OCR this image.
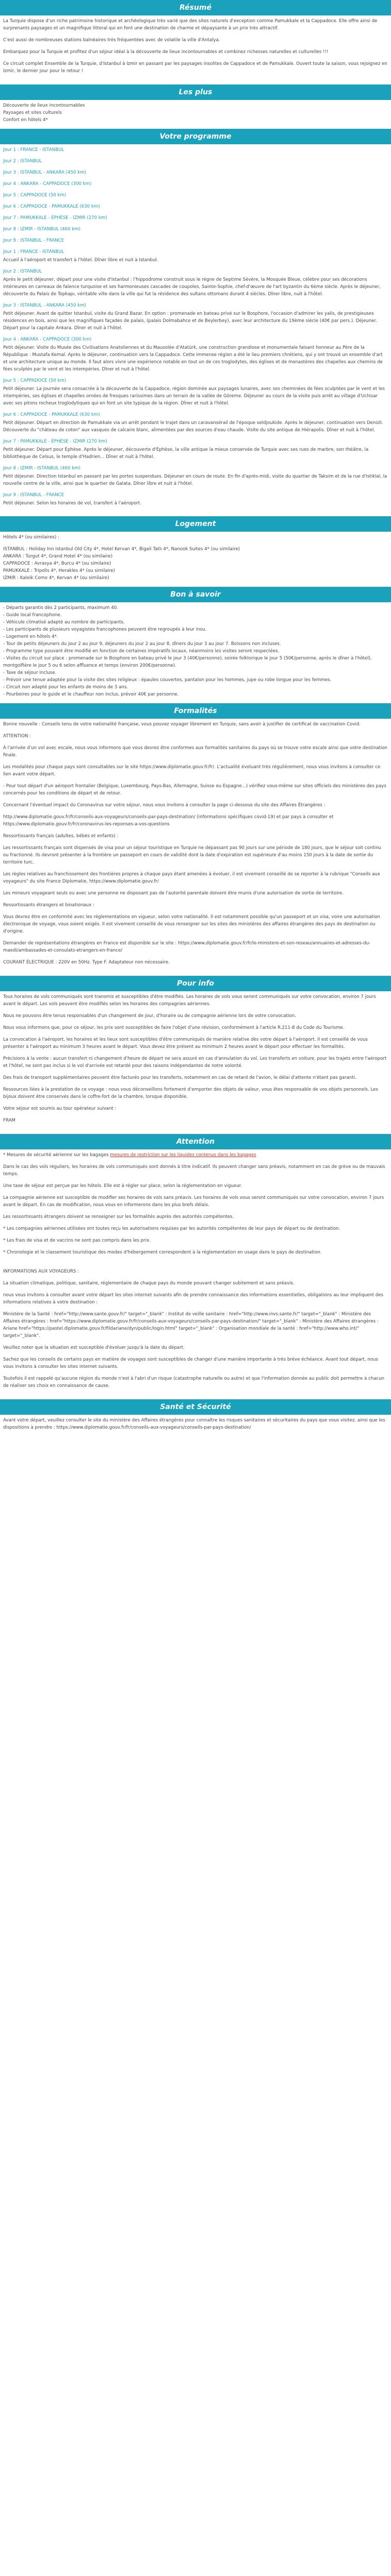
Résumé

La Turquie dispose d'un riche patrimoine historique et archéologique très varié que des sites naturels d'exception comme Pamukkale et la Cappadoce. Elle offre ainsi de surprenants paysages et un magnifique littoral qui en font une destination de charme et dépaysante à un prix très attractif.

C'est aussi de nombreuses stations balnéaires très fréquentées avec de volatile la ville d'Antalya.

Embarquez pour la Turquie et profitez d'un séjour idéal à la découverte de lieux incontournables et combinez richesses naturelles et culturelles !!!

Ce circuit complet Ensemble de la Turquie, d'Istanbul à Izmir en passant par les paysages insolites de Cappadoce et de Pamukkale. Ouvert toute la saison, vous rejoignez en Izmir, le dernier jour pour le retour !

Les plus
Découverte de lieux incontournables
Paysages et sites culturels
Confort en hôtels 4*
Votre programme
Jour 1 : FRANCE - ISTANBUL
Jour 2 : ISTANBUL
Jour 3 : ISTANBUL - ANKARA (450 km)
Jour 4 : ANKARA - CAPPADOCE (300 km)
Jour 5 : CAPPADOCE (50 km)
Jour 6 : CAPPADOCE - PAMUKKALE (630 km)
Jour 7 : PAMUKKALE - ÉPHÈSE - IZMIR (270 km)
Jour 8 : IZMIR - ISTANBUL (460 km)
Jour 9 : ISTANBUL - FRANCE
Jour 1 : FRANCE - ISTANBUL
Accueil à l'aéroport et transfert à l'hôtel. Dîner libre et nuit à Istanbul.
Jour 2 : ISTANBUL
Après le petit déjeuner, départ pour une visite d'Istanbul : l'hippodrome construit sous le règne de Septime Sévère, la Mosquée Bleue, célèbre pour ses décorations intérieures en carreaux de faïence turquoise et ses harmonieuses cascades de coupoles, Sainte-Sophie, chef-d'œuvre de l'art byzantin du 6ème siècle. Après le déjeuner, découverte du Palais de Topkapı, véritable ville dans la ville qui fut la résidence des sultans ottomans durant 4 siècles. Dîner libre, nuit à l'hôtel.
Jour 3 : ISTANBUL - ANKARA (450 km)
Petit déjeuner. Avant de quitter Istanbul, visite du Grand Bazar. En option : promenade en bateau privé sur le Bosphore, l'occasion d'admirer les yalis, de prestigieuses résidences en bois, ainsi que les magnifiques façades de palais, (palais Dolmabahce et de Beylerbey), avec leur architecture du 19ème siècle (40€ par pers.). Déjeuner. Départ pour la capitale Ankara. Dîner et nuit à l'hôtel.
Jour 4 : ANKARA - CAPPADOCE (300 km)
Petit déjeuner. Visite du Musée des Civilisations Anatoliennes et du Mausolée d'Atatürk, une construction grandiose et monumentale faisant honneur au Père de la République : Mustafa Kemal. Après le déjeuner, continuation vers la Cappadoce. Cette immense région a été le lieu premiers chrétiens, qui y ont trouvé un ensemble d'art et une architecture unique au monde. Il faut alors vivre une expérience notable en tout un de ces troglodytes, des églises et de monastères des chapelles aux chemins de fées sculptés par le vent et les intempéries. Dîner et nuit à l'hôtel.
Jour 5 : CAPPADOCE (50 km)
Petit déjeuner. La journée sera consacrée à la découverte de la Cappadoce, région dominée aux paysages lunaires, avec ses cheminées de fées sculptées par le vent et les intempéries, ses églises et chapelles ornées de fresques rarissimes dans un terrain de la vallée de Göreme. Déjeuner au cours de la visite puis arrêt au village d'Uchisar avec ses pitons rocheux troglodytiques qui en font un site typique de la région. Dîner et nuit à l'hôtel.
Jour 6 : CAPPADOCE - PAMUKKALE (630 km)
Petit déjeuner. Départ en direction de Pamukkale via un arrêt pendant le trajet dans un caravansérail de l'époque seldjoukide. Après le déjeuner, continuation vers Denizli. Découverte du "château de coton" aux vasques de calcaire blanc, alimentées par des sources d'eau chaude. Visite du site antique de Hiérapolis. Dîner et nuit à l'hôtel.
Jour 7 : PAMUKKALE - ÉPHÈSE - IZMIR (270 km)
Petit déjeuner. Départ pour Éphèse. Après le déjeuner, découverte d'Éphèse, la ville antique la mieux conservée de Turquie avec ses rues de marbre, son théâtre, la bibliothèque de Celsus, le temple d'Hadrien... Dîner et nuit à l'hôtel.
Jour 8 : IZMIR - ISTANBUL (460 km)
Petit déjeuner. Direction Istanbul en passant par les portes suspendues. Déjeuner en cours de route. En fin d'après-midi, visite du quartier de Taksim et de la rue d'Istiklal, la nouvelle centre de la ville, ainsi que le quartier de Galata. Dîner libre et nuit à l'hôtel.
Jour 9 : ISTANBUL - FRANCE
Petit déjeuner. Selon les horaires de vol, transfert à l'aéroport.
Logement

Hôtels 4* (ou similaires) :

ISTANBUL : Holiday Inn Istanbul Old City 4*, Hotel Kervan 4*, Bigali Tatlı 4*, Nanook Suites 4* (ou similaire)
ANKARA : Turgut 4*, Grand Hotel 4* (ou similaire)
CAPPADOCE : Avrasya 4*, Burcu 4* (ou similaire)
PAMUKKALE : Tripolis 4*, Herakles 4* (ou similaire)
IZMIR : Kaleik Como 4*, Kervan 4* (ou similaire)
Bon à savoir
- Départs garantis dès 2 participants, maximum 40.
- Guide local francophone.
- Véhicule climatisé adapté au nombre de participants.
- Les participants de plusieurs voyagistes francophones peuvent être regroupés à leur insu.
- Logement en hôtels 4*.
- Tour de petits déjeuners du jour 2 au jour 9, déjeuners du jour 2 au jour 8, dîners du jour 3 au jour 7. Boissons non incluses.
- Programme type pouvant être modifié en fonction de certaines impératifs locaux, néanmoins les visites seront respectées.
- Visites du circuit sur place : promenade sur le Bosphore en bateau privé le jour 3 (40€/personne), soirée folklorique le jour 5 (50€/personne, après le dîner à l'hôtel), montgolfière le jour 5 ou 6 selon affluence et temps (environ 200€/personne).
- Taxe de séjour incluse.
- Prévoir une tenue adaptée pour la visite des sites religieux : épaules couvertes, pantalon pour les hommes, jupe ou robe longue pour les femmes.
- Circuit non adapté pour les enfants de moins de 3 ans.
- Pourboires pour le guide et le chauffeur non inclus, prévoir 40€ par personne.
Formalités

Bonne nouvelle : Conseils tenu de votre nationalité française, vous pouvez voyager librement en Turquie, sans avoir à justifier de certificat de vaccination Covid.

ATTENTION :

À l'arrivée d'un vol avec escale, nous vous informons que vous devrez être conformes aux formalités sanitaires du pays où se trouve votre escale ainsi que votre destination finale.

Les modalités pour chaque pays sont consultables sur le site https://www.diplomatie.gouv.fr/fr/. L'actualité évoluant très régulièrement, nous vous invitons à consulter ce lien avant votre départ.

- Pour tout départ d'un aéroport frontalier (Belgique, Luxembourg, Pays-Bas, Allemagne, Suisse ou Espagne...) vérifiez vous-même sur sites officiels des ministères des pays concernés pour les conditions de départ et de retour.

Concernant l'éventuel impact du Coronavirus sur votre séjour, nous vous invitons à consulter la page ci-dessous du site des Affaires Étrangères :

http://www.diplomatie.gouv.fr/fr/conseils-aux-voyageurs/conseils-par-pays-destination/ (informations spécifiques covid-19) et par pays à consulter et https://www.diplomatie.gouv.fr/fr/coronavirus-les-reponses-a-vos-questions

Ressortissants français (adultes, bébés et enfants) :

Les ressortissants français sont dispensés de visa pour un séjour touristique en Turquie ne dépassant pas 90 jours sur une période de 180 jours, que le séjour soit continu ou fractionné. Ils devront présenter à la frontière un passeport en cours de validité dont la date d'expiration est supérieure d'au moins 150 jours à la date de sortie du territoire turc.

Les règles relatives au franchissement des frontières propres à chaque pays étant amenées à évoluer, il est vivement conseillé de se reporter à la rubrique "Conseils aux voyageurs" du site France Diplomatie, https://www.diplomatie.gouv.fr/

Les mineurs voyageant seuls ou avec une personne ne disposant pas de l'autorité parentale doivent être munis d'une autorisation de sortie de territoire.

Ressortissants étrangers et binationaux :

Vous devrez être en conformité avec les réglementations en vigueur, selon votre nationalité. Il est notamment possible qu'un passeport et un visa, voire une autorisation électronique de voyage, vous soient exigés. Il est vivement conseillé de vous renseigner sur les sites des ministères des affaires étrangères des pays de destination ou d'origine.

Demander de représentations étrangères en France est disponible sur le site : https://www.diplomatie.gouv.fr/fr/le-ministere-et-son-reseau/annuaires-et-adresses-du-maedi/ambassades-et-consulats-etrangers-en-france/

COURANT ÉLECTRIQUE : 220V en 50Hz. Type F. Adaptateur non nécessaire.

Pour info

Tous horaires de vols communiqués sont transmis et susceptibles d'être modifiés. Les horaires de vols vous seront communiqués sur votre convocation, environ 7 jours avant le départ. Les vols peuvent être modifiés selon les horaires des compagnies aériennes.

Nous ne pouvons être tenus responsables d'un changement de jour, d'horaire ou de compagnie aérienne lors de votre convocation.

Nous vous informons que, pour ce séjour, les prix sont susceptibles de faire l'objet d'une révision, conformément à l'article R.211-8 du Code du Tourisme.

La convocation à l'aéroport, les horaires et les lieux sont susceptibles d'être communiqués de manière relative dès votre départ à l'aéroport. Il est conseillé de vous présenter à l'aéroport au minimum 3 heures avant le départ. Vous devez être présent au minimum 2 heures avant le départ pour effectuer les formalités.

Précisions à la vente : aucun transfert ni changement d'heure de départ ne sera assuré en cas d'annulation du vol. Les transferts en voiture, pour les trajets entre l'aéroport et l'hôtel, ne sont pas inclus si le vol d'arrivée est retardé pour des raisons indépendantes de notre volonté.

Des frais de transport supplémentaires peuvent être facturés pour les transferts, notamment en cas de retard de l'avion, le délai d'attente n'étant pas garanti.

Ressources liées à la prestation de ce voyage : nous vous déconseillons fortement d'emporter des objets de valeur, vous êtes responsable de vos objets personnels. Les bijoux doivent être conservés dans le coffre-fort de la chambre, lorsque disponible.

Votre séjour est soumis au tour opérateur suivant :

FRAM

Attention

* Mesures de sécurité aérienne sur les bagages mesures de restriction sur les liquides contenus dans les bagages

Dans le cas des vols réguliers, les horaires de vols communiqués sont donnés à titre indicatif. Ils peuvent changer sans préavis, notamment en cas de grève ou de mauvais temps.

Une taxe de séjour est perçue par les hôtels. Elle est à régler sur place, selon la réglementation en vigueur.

La compagnie aérienne est susceptible de modifier ses horaires de vols sans préavis. Les horaires de vols vous seront communiqués sur votre convocation, environ 7 jours avant le départ. En cas de modification, nous vous en informerons dans les plus brefs délais.

Les ressortissants étrangers doivent se renseigner sur les formalités auprès des autorités compétentes.

* Les compagnies aériennes utilisées ont toutes reçu les autorisations requises par les autorités compétentes de leur pays de départ ou de destination.

* Les frais de visa et de vaccins ne sont pas compris dans les prix.

* Chronologie et le classement touristique des modes d'hébergement correspondent à la réglementation en usage dans le pays de destination.

INFORMATIONS AUX VOYAGEURS :

La situation climatique, politique, sanitaire, réglementaire de chaque pays du monde pouvant changer subitement et sans préavis.

nous vous invitons à consulter avant votre départ les sites internet suivants afin de prendre connaissance des informations essentielles, obligations au leur impliquent des informations relatives à votre destination :

Ministère de la Santé : href="http://www.sante.gouv.fr/" target="_blank" : Institut de veille sanitaire : href="http://www.invs.sante.fr/" target="_blank" : Ministère des Affaires étrangères : href="https://www.diplomatie.gouv.fr/fr/conseils-aux-voyageurs/conseils-par-pays-destination/" target="_blank" : Ministère des Affaires étrangères : Ariane href="https://pastel.diplomatie.gouv.fr/fildariane/dyn/public/login.html" target="_blank" : Organisation mondiale de la santé : href="http://www.who.int/" target="_blank".

Veuillez noter que la situation est susceptible d'évoluer jusqu'à la date du départ.

Sachez que les conseils de certains pays en matière de voyages sont susceptibles de changer d'une manière importante à très brève échéance. Avant tout départ, nous vous invitons à consulter les sites internet suivants.

Toutefois il est rappelé qu'aucune région du monde n'est à l'abri d'un risque (catastrophe naturelle ou autre) et que l'information donnée au public doit permettre à chacun de réaliser ses choix en connaissance de cause.

Santé et Sécurité

Avant votre départ, veuillez consulter le site du ministère des Affaires étrangères pour connaître les risques sanitaires et sécuritaires du pays que vous visitez, ainsi que les dispositions à prendre : https://www.diplomatie.gouv.fr/fr/conseils-aux-voyageurs/conseils-par-pays-destination/
